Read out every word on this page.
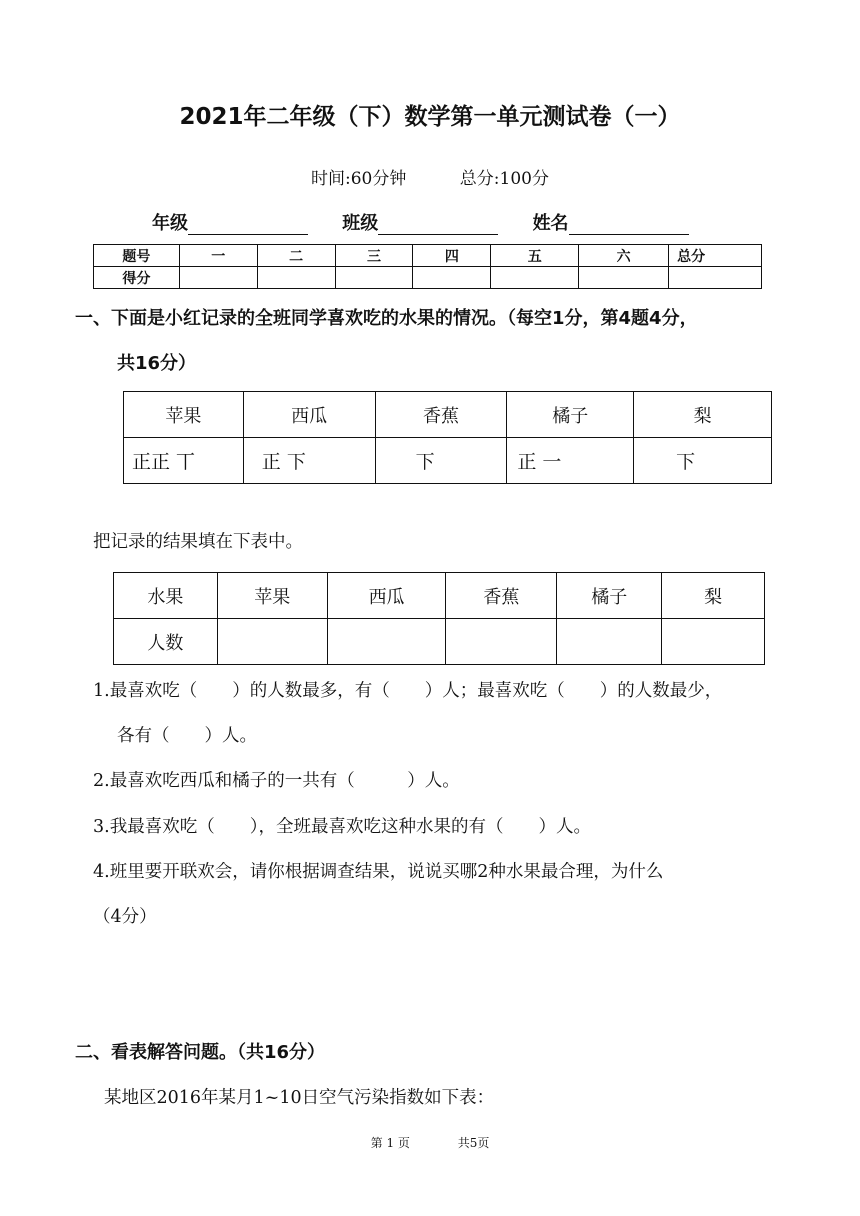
2021年二年级（下）数学第一单元测试卷（一）
时间:60分钟	总分:100分
年级	班级	姓名
题号	一	二	三	四	五	六	总分
得分							
一、下面是小红记录的全班同学喜欢吃的水果的情况。（每空1分，第4题4分，
共16分）
苹果	西瓜	香蕉	橘子	梨
正正 丅	正 下	下	正 一	下
把记录的结果填在下表中。
水果	苹果	西瓜	香蕉	橘子	梨
人数					
1.最喜欢吃（　　）的人数最多，有（　　）人；最喜欢吃（　　）的人数最少，
各有（　　）人。
2.最喜欢吃西瓜和橘子的一共有（　　　）人。
3.我最喜欢吃（　　），全班最喜欢吃这种水果的有（　　）人。
4.班里要开联欢会，请你根据调查结果，说说买哪2种水果最合理，为什么
（4分）
二、看表解答问题。（共16分）
某地区2016年某月1~10日空气污染指数如下表：
第 1 页	共5页
